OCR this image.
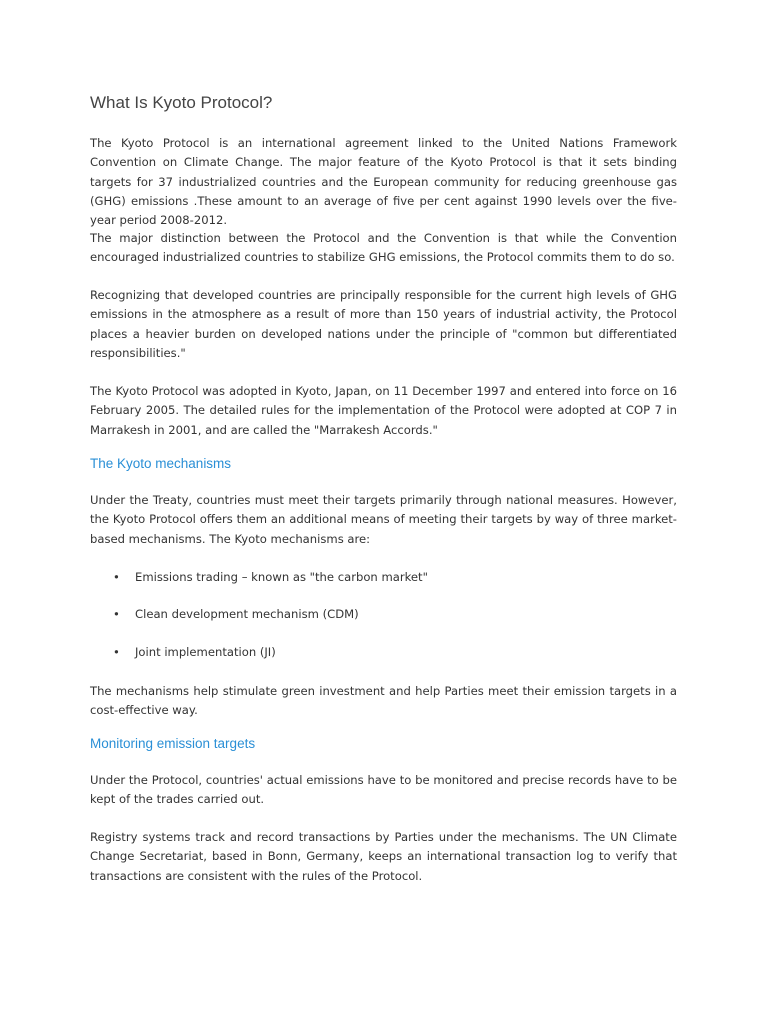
What Is Kyoto Protocol?

The Kyoto Protocol is an international agreement linked to the United Nations Framework Convention on Climate Change. The major feature of the Kyoto Protocol is that it sets binding targets for 37 industrialized countries and the European community for reducing greenhouse gas (GHG) emissions .These amount to an average of five per cent against 1990 levels over the five-year period 2008-2012.

The major distinction between the Protocol and the Convention is that while the Convention encouraged industrialized countries to stabilize GHG emissions, the Protocol commits them to do so.

Recognizing that developed countries are principally responsible for the current high levels of GHG emissions in the atmosphere as a result of more than 150 years of industrial activity, the Protocol places a heavier burden on developed nations under the principle of "common but differentiated responsibilities."

The Kyoto Protocol was adopted in Kyoto, Japan, on 11 December 1997 and entered into force on 16 February 2005. The detailed rules for the implementation of the Protocol were adopted at COP 7 in Marrakesh in 2001, and are called the "Marrakesh Accords."

The Kyoto mechanisms

Under the Treaty, countries must meet their targets primarily through national measures. However, the Kyoto Protocol offers them an additional means of meeting their targets by way of three market-based mechanisms. The Kyoto mechanisms are:

• Emissions trading – known as "the carbon market"
• Clean development mechanism (CDM)
• Joint implementation (JI)

The mechanisms help stimulate green investment and help Parties meet their emission targets in a cost-effective way.

Monitoring emission targets

Under the Protocol, countries' actual emissions have to be monitored and precise records have to be kept of the trades carried out.

Registry systems track and record transactions by Parties under the mechanisms. The UN Climate Change Secretariat, based in Bonn, Germany, keeps an international transaction log to verify that transactions are consistent with the rules of the Protocol.
